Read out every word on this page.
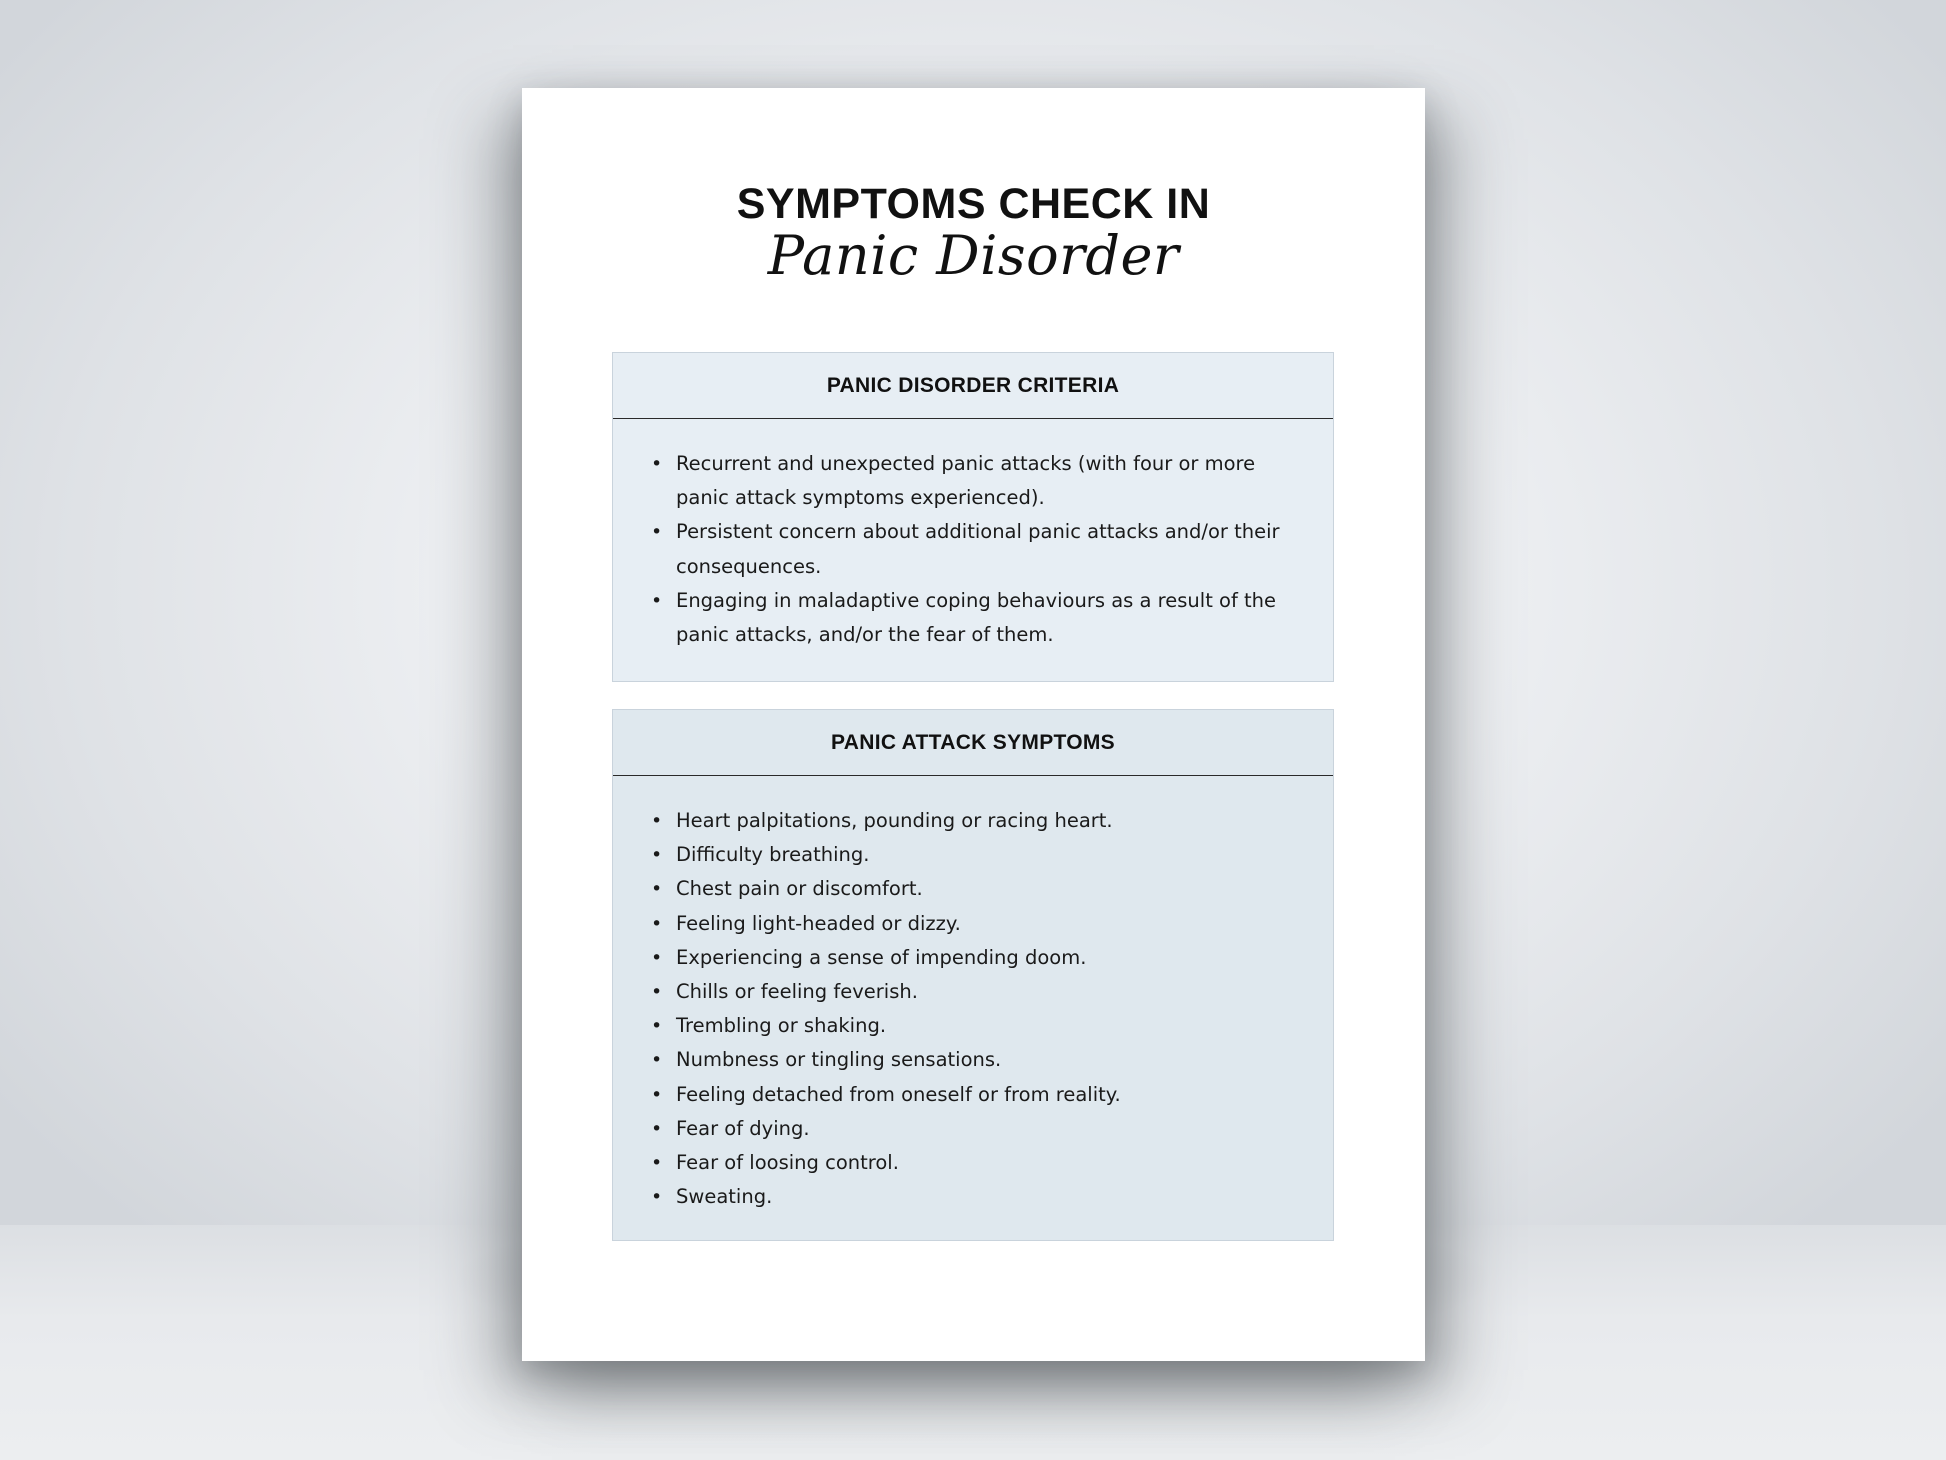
SYMPTOMS CHECK IN
Panic Disorder
PANIC DISORDER CRITERIA
• Recurrent and unexpected panic attacks (with four or more panic attack symptoms experienced).
• Persistent concern about additional panic attacks and/or their consequences.
• Engaging in maladaptive coping behaviours as a result of the panic attacks, and/or the fear of them.
PANIC ATTACK SYMPTOMS
• Heart palpitations, pounding or racing heart.
• Difficulty breathing.
• Chest pain or discomfort.
• Feeling light-headed or dizzy.
• Experiencing a sense of impending doom.
• Chills or feeling feverish.
• Trembling or shaking.
• Numbness or tingling sensations.
• Feeling detached from oneself or from reality.
• Fear of dying.
• Fear of loosing control.
• Sweating.
